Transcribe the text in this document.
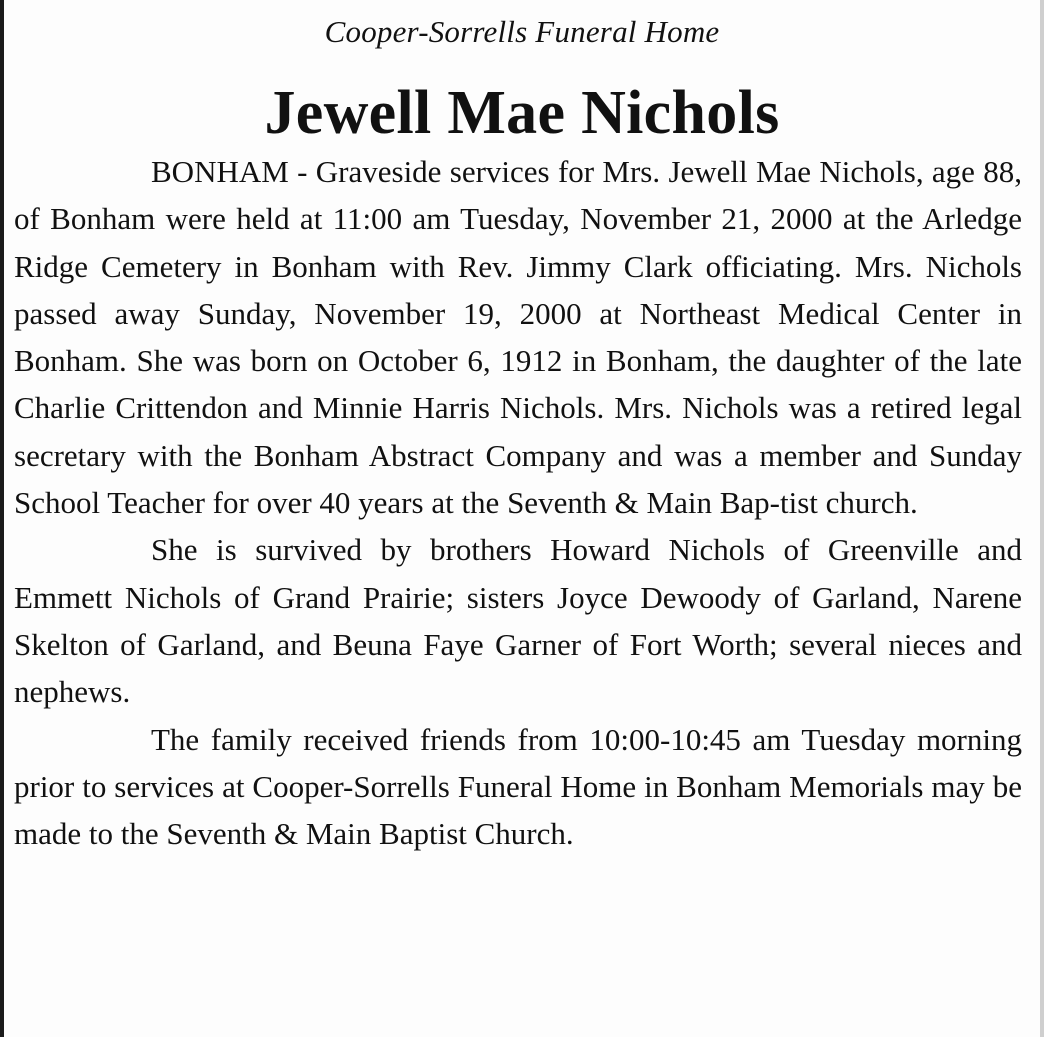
Cooper-Sorrells Funeral Home
Jewell Mae Nichols

BONHAM - Graveside services for Mrs. Jewell Mae Nichols, age 88, of Bonham were held at 11:00 am Tuesday, November 21, 2000 at the Arledge Ridge Cemetery in Bonham with Rev. Jimmy Clark officiating. Mrs. Nichols passed away Sunday, November 19, 2000 at Northeast Medical Center in Bonham. She was born on October 6, 1912 in Bonham, the daughter of the late Charlie Crittendon and Minnie Harris Nichols. Mrs. Nichols was a retired legal secretary with the Bonham Abstract Company and was a member and Sunday School Teacher for over 40 years at the Seventh & Main Bap-tist church.

She is survived by brothers Howard Nichols of Greenville and Emmett Nichols of Grand Prairie; sisters Joyce Dewoody of Garland, Narene Skelton of Garland, and Beuna Faye Garner of Fort Worth; several nieces and nephews.

The family received friends from 10:00-10:45 am Tuesday morning prior to services at Cooper-Sorrells Funeral Home in Bonham Memorials may be made to the Seventh & Main Baptist Church.
